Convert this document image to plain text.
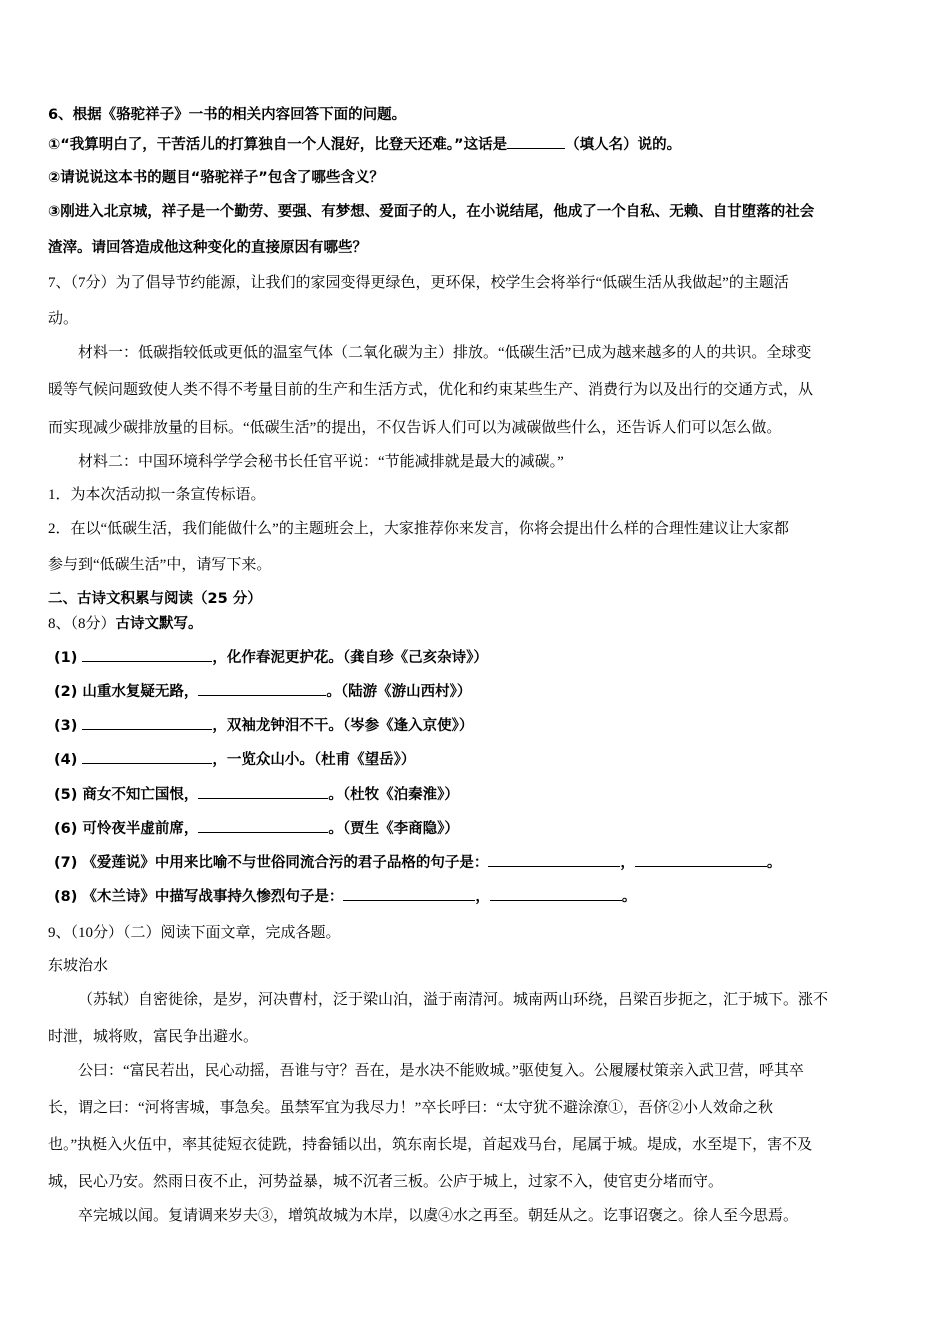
6、根据《骆驼祥子》一书的相关内容回答下面的问题。
①“我算明白了，干苦活儿的打算独自一个人混好，比登天还难。”这话是	（填人名）说的。
②请说说这本书的题目“骆驼祥子”包含了哪些含义？
③刚进入北京城，祥子是一个勤劳、要强、有梦想、爱面子的人，在小说结尾，他成了一个自私、无赖、自甘堕落的社会
渣滓。请回答造成他这种变化的直接原因有哪些？
7、（7分）为了倡导节约能源，让我们的家园变得更绿色，更环保，校学生会将举行“低碳生活从我做起”的主题活
动。
材料一：低碳指较低或更低的温室气体（二氧化碳为主）排放。“低碳生活”已成为越来越多的人的共识。全球变
暖等气候问题致使人类不得不考量目前的生产和生活方式，优化和约束某些生产、消费行为以及出行的交通方式，从
而实现减少碳排放量的目标。“低碳生活”的提出，不仅告诉人们可以为减碳做些什么，还告诉人们可以怎么做。
材料二：中国环境科学学会秘书长任官平说：“节能减排就是最大的减碳。”
1．为本次活动拟一条宣传标语。
2．在以“低碳生活，我们能做什么”的主题班会上，大家推荐你来发言，你将会提出什么样的合理性建议让大家都
参与到“低碳生活”中，请写下来。
二、古诗文积累与阅读（25 分）
8、（8分）古诗文默写。
(1)	，化作春泥更护花。（龚自珍《己亥杂诗》）
(2) 山重水复疑无路，	。（陆游《游山西村》）
(3)	，双袖龙钟泪不干。（岑参《逢入京使》）
(4)	，一览众山小。（杜甫《望岳》）
(5) 商女不知亡国恨，	。（杜牧《泊秦淮》）
(6) 可怜夜半虚前席，	。（贾生《李商隐》）
(7) 《爱莲说》中用来比喻不与世俗同流合污的君子品格的句子是：	，	。
(8) 《木兰诗》中描写战事持久惨烈句子是：	，	。
9、（10分）（二）阅读下面文章，完成各题。
东坡治水
（苏轼）自密徙徐，是岁，河决曹村，泛于梁山泊，溢于南清河。城南两山环绕，吕梁百步扼之，汇于城下。涨不
时泄，城将败，富民争出避水。
公曰：“富民若出，民心动摇，吾谁与守？吾在，是水决不能败城。”驱使复入。公履屦杖策亲入武卫营，呼其卒
长，谓之曰：“河将害城，事急矣。虽禁军宜为我尽力！”卒长呼曰：“太守犹不避涂潦①，吾侪②小人效命之秋
也。”执梃入火伍中，率其徒短衣徒跣，持畚锸以出，筑东南长堤，首起戏马台，尾属于城。堤成，水至堤下，害不及
城，民心乃安。然雨日夜不止，河势益暴，城不沉者三板。公庐于城上，过家不入，使官吏分堵而守。
卒完城以闻。复请调来岁夫③，增筑故城为木岸，以虞④水之再至。朝廷从之。讫事诏褒之。徐人至今思焉。
